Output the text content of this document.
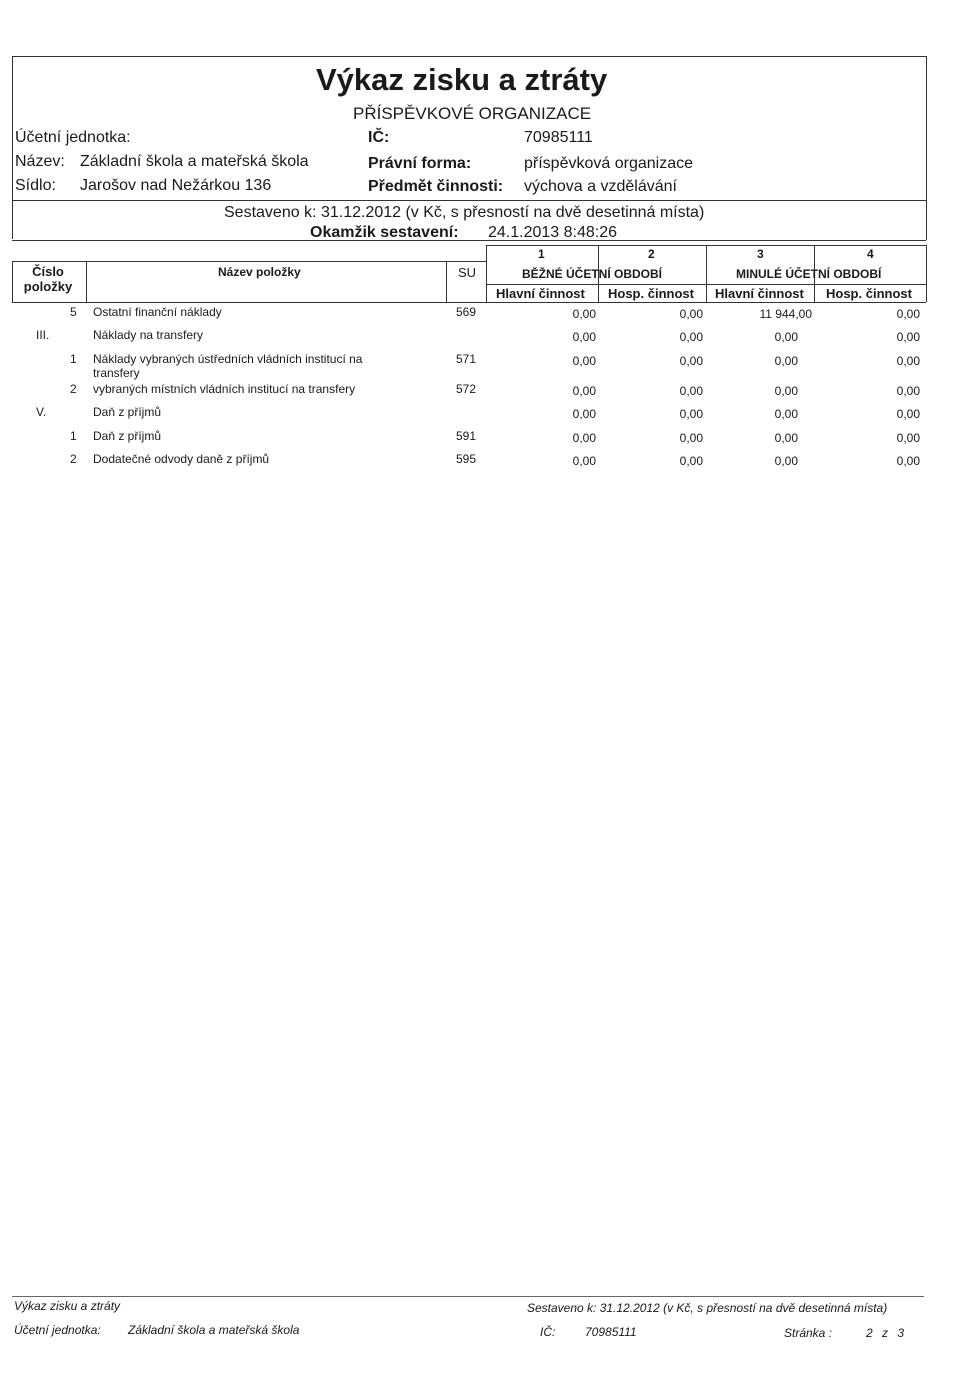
Výkaz zisku a ztráty
PŘÍSPĚVKOVÉ ORGANIZACE
Účetní jednotka:
Název: Základní škola a mateřská škola
Sídlo: Jarošov nad Nežárkou 136
IČ:	70985111
Právní forma:	příspěvková organizace
Předmět činnosti: výchova a vzdělávání
Sestaveno k: 31.12.2012 (v Kč, s přesností na dvě desetinná místa)
Okamžik sestavení: 24.1.2013 8:48:26
Číslo položky
Název položky	SU
1	2	3	4
BĚŽNÉ ÚČETNÍ OBDOBÍ	MINULÉ ÚČETNÍ OBDOBÍ
Hlavní činnost Hosp. činnost Hlavní činnost Hosp. činnost
5 Ostatní finanční náklady	569	0,00	0,00	11 944,00	0,00
III.	Náklady na transfery	0,00	0,00	0,00	0,00
1 Náklady vybraných ústředních vládních institucí na
transfery
571	0,00	0,00	0,00	0,00
2 vybraných místních vládních institucí na transfery	572	0,00	0,00	0,00	0,00
V.	Daň z příjmů	0,00	0,00	0,00	0,00
1 Daň z příjmů	591	0,00	0,00	0,00	0,00
2 Dodatečné odvody daně z příjmů	595	0,00	0,00	0,00	0,00
Výkaz zisku a ztráty	Sestaveno k: 31.12.2012 (v Kč, s přesností na dvě desetinná místa)
Účetní jednotka: Základní škola a mateřská škola	IČ: 70985111	Stránka :	2 z 3
